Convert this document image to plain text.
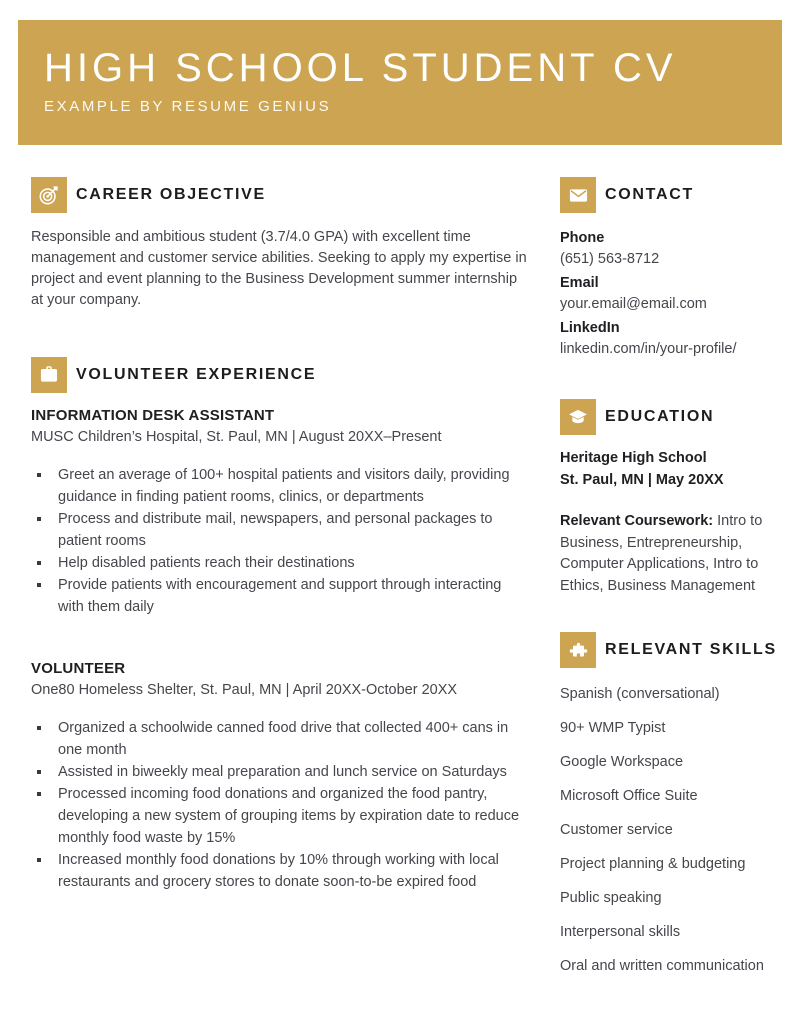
HIGH SCHOOL STUDENT CV
EXAMPLE BY RESUME GENIUS
CAREER OBJECTIVE

Responsible and ambitious student (3.7/4.0 GPA) with excellent time management and customer service abilities. Seeking to apply my expertise in project and event planning to the Business Development summer internship at your company.

VOLUNTEER EXPERIENCE
INFORMATION DESK ASSISTANT
MUSC Children’s Hospital, St. Paul, MN | August 20XX–Present
Greet an average of 100+ hospital patients and visitors daily, providing guidance in finding patient rooms, clinics, or departments
Process and distribute mail, newspapers, and personal packages to patient rooms
Help disabled patients reach their destinations
Provide patients with encouragement and support through interacting with them daily
VOLUNTEER
One80 Homeless Shelter, St. Paul, MN | April 20XX-October 20XX
Organized a schoolwide canned food drive that collected 400+ cans in one month
Assisted in biweekly meal preparation and lunch service on Saturdays
Processed incoming food donations and organized the food pantry, developing a new system of grouping items by expiration date to reduce monthly food waste by 15%
Increased monthly food donations by 10% through working with local restaurants and grocery stores to donate soon-to-be expired food
CONTACT
Phone
(651) 563-8712
Email
your.email@email.com
LinkedIn
linkedin.com/in/your-profile/
EDUCATION
Heritage High School
St. Paul, MN | May 20XX

Relevant Coursework: Intro to Business, Entrepreneurship, Computer Applications, Intro to Ethics, Business Management

RELEVANT SKILLS
Spanish (conversational)
90+ WMP Typist
Google Workspace
Microsoft Office Suite
Customer service
Project planning & budgeting
Public speaking
Interpersonal skills
Oral and written communication
